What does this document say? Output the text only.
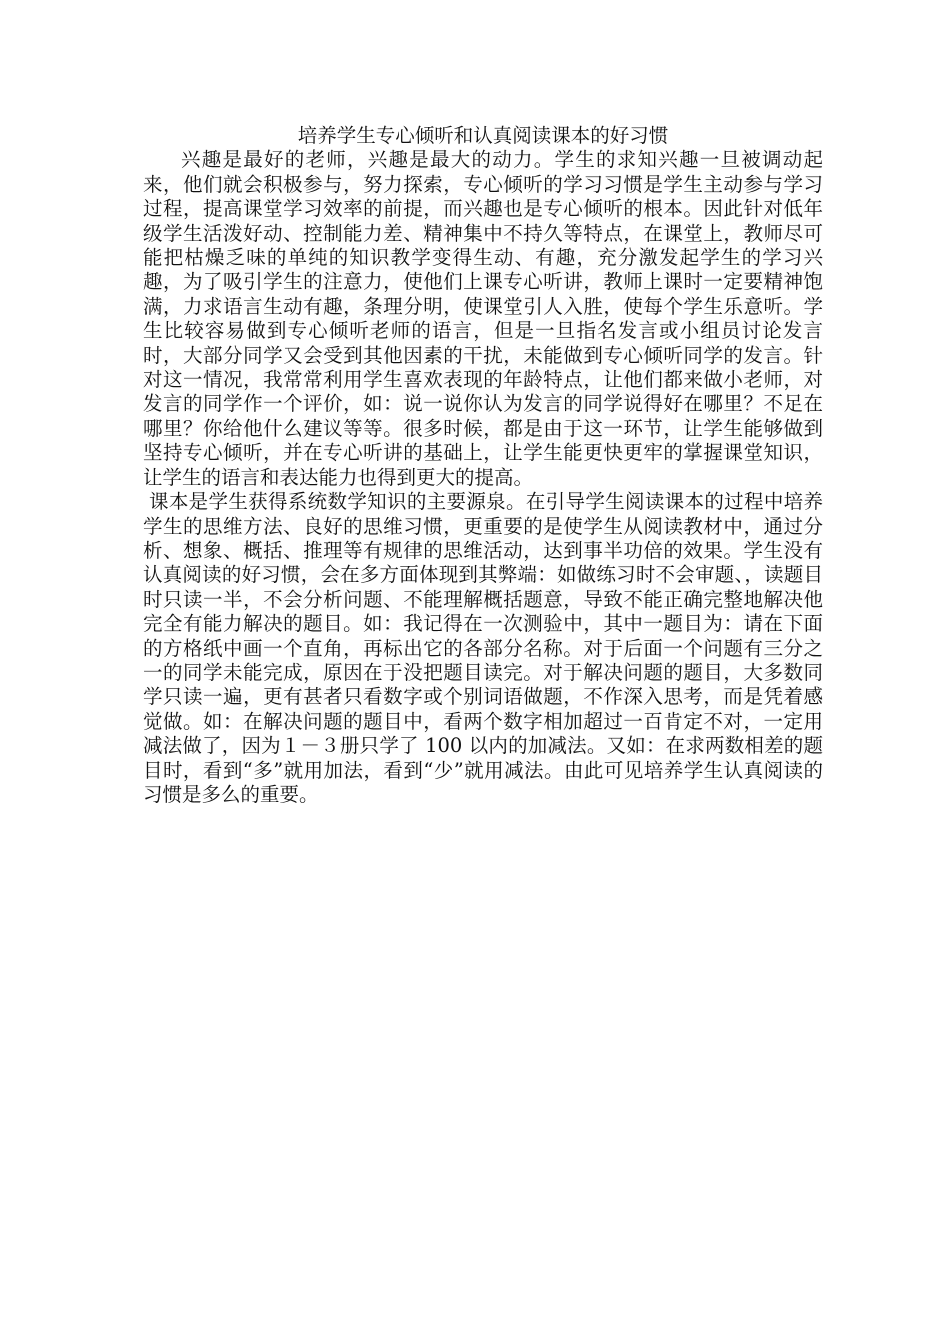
培养学生专心倾听和认真阅读课本的好习惯

兴趣是最好的老师，兴趣是最大的动力。学生的求知兴趣一旦被调动起来，他们就会积极参与，努力探索，专心倾听的学习习惯是学生主动参与学习过程，提高课堂学习效率的前提，而兴趣也是专心倾听的根本。因此针对低年级学生活泼好动、控制能力差、精神集中不持久等特点，在课堂上，教师尽可能把枯燥乏味的单纯的知识教学变得生动、有趣，充分激发起学生的学习兴趣，为了吸引学生的注意力，使他们上课专心听讲，教师上课时一定要精神饱满，力求语言生动有趣，条理分明，使课堂引人入胜，使每个学生乐意听。学生比较容易做到专心倾听老师的语言，但是一旦指名发言或小组员讨论发言时，大部分同学又会受到其他因素的干扰，未能做到专心倾听同学的发言。针对这一情况，我常常利用学生喜欢表现的年龄特点，让他们都来做小老师，对发言的同学作一个评价，如：说一说你认为发言的同学说得好在哪里？不足在哪里？你给他什么建议等等。很多时候，都是由于这一环节，让学生能够做到坚持专心倾听，并在专心听讲的基础上，让学生能更快更牢的掌握课堂知识，让学生的语言和表达能力也得到更大的提高。

课本是学生获得系统数学知识的主要源泉。在引导学生阅读课本的过程中培养学生的思维方法、良好的思维习惯，更重要的是使学生从阅读教材中，通过分析、想象、概括、推理等有规律的思维活动，达到事半功倍的效果。学生没有认真阅读的好习惯，会在多方面体现到其弊端：如做练习时不会审题、，读题目时只读一半，不会分析问题、不能理解概括题意，导致不能正确完整地解决他完全有能力解决的题目。如：我记得在一次测验中，其中一题目为：请在下面的方格纸中画一个直角，再标出它的各部分名称。对于后面一个问题有三分之一的同学未能完成，原因在于没把题目读完。对于解决问题的题目，大多数同学只读一遍，更有甚者只看数字或个别词语做题，不作深入思考，而是凭着感觉做。如：在解决问题的题目中，看两个数字相加超过一百肯定不对，一定用减法做了，因为１－３册只学了 100 以内的加减法。又如：在求两数相差的题目时，看到“多”就用加法，看到“少”就用减法。由此可见培养学生认真阅读的习惯是多么的重要。
